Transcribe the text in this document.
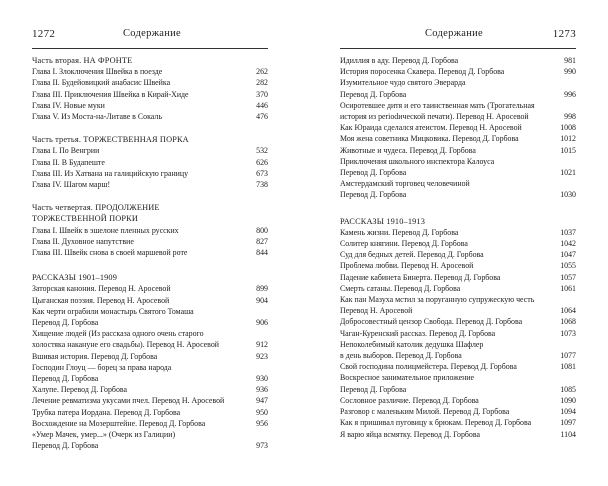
1272	Содержание
Часть вторая. НА ФРОНТЕ
Глава I. Злоключения Швейка в поезде	262
Глава II. Будейовицкий анабасис Швейка	282
Глава III. Приключения Швейка в Кирай-Хиде	370
Глава IV. Новые муки	446
Глава V. Из Моста-на-Литаве в Сокаль	476
Часть третья. ТОРЖЕСТВЕННАЯ ПОРКА
Глава I. По Венгрии	532
Глава II. В Будапеште	626
Глава III. Из Хатвана на галицийскую границу	673
Глава IV. Шагом марш!	738
Часть четвертая. ПРОДОЛЖЕНИЕ
ТОРЖЕСТВЕННОЙ ПОРКИ
Глава I. Швейк в эшелоне пленных русских	800
Глава II. Духовное напутствие	827
Глава III. Швейк снова в своей маршевой роте	844
РАССКАЗЫ 1901–1909
Заторская канония. Перевод Н. Аросевой	899
Цыганская поэзия. Перевод Н. Аросевой	904
Как черти ограбили монастырь Святого Томаша
Перевод Д. Горбова	906
Хищение людей (Из рассказа одного очень старого
холостяка накануне его свадьбы). Перевод Н. Аросевой	912
Вшивая история. Перевод Д. Горбова	923
Господин Глоуц — борец за права народа
Перевод Д. Горбова	930
Халупе. Перевод Д. Горбова	936
Лечение ревматизма укусами пчел. Перевод Н. Аросевой	947
Трубка патера Иордана. Перевод Д. Горбова	950
Восхождение на Мозерштейне. Перевод Д. Горбова	956
«Умер Мачек, умер...» (Очерк из Галиции)
Перевод Д. Горбова	973
Содержание	1273
Идиллия в аду. Перевод Д. Горбова	981
История поросенка Скавера. Перевод Д. Горбова	990
Изумительное чудо святого Эверарда
Перевод Д. Горбова	996
Осиротевшее дитя и его таинственная мать (Трогательная
история из periodической печати). Перевод Н. Аросевой	998
Как Юраида сделался атеистом. Перевод Н. Аросевой	1008
Моя жена советника Мицковика. Перевод Д. Горбова	1012
Животные и чудеса. Перевод Д. Горбова	1015
Приключения школьного инспектора Калоуса
Перевод Д. Горбова	1021
Амстердамский торговец человечиной
Перевод Д. Горбова	1030
РАССКАЗЫ 1910–1913
Камень жизни. Перевод Д. Горбова	1037
Солитер княгини. Перевод Д. Горбова	1042
Суд для бедных детей. Перевод Д. Горбова	1047
Проблема любви. Перевод Н. Аросевой	1055
Падение кабинета Бинерта. Перевод Д. Горбова	1057
Смерть сатаны. Перевод Д. Горбова	1061
Как пан Мазуха мстил за поруганную супружескую честь
Перевод Н. Аросевой	1064
Добросовестный цензор Свобода. Перевод Д. Горбова	1068
Чаган-Куренский рассказ. Перевод Д. Горбова	1073
Непоколебимый католик дедушка Шафлер
в день выборов. Перевод Д. Горбова	1077
Свой господина полицмейстера. Перевод Д. Горбова	1081
Воскресное занимательное приложение
Перевод Д. Горбова	1085
Сословное различие. Перевод Д. Горбова	1090
Разговор с маленьким Милой. Перевод Д. Горбова	1094
Как я пришивал пуговицу к брюкам. Перевод Д. Горбова	1097
Я варю яйца всмятку. Перевод Д. Горбова	1104
